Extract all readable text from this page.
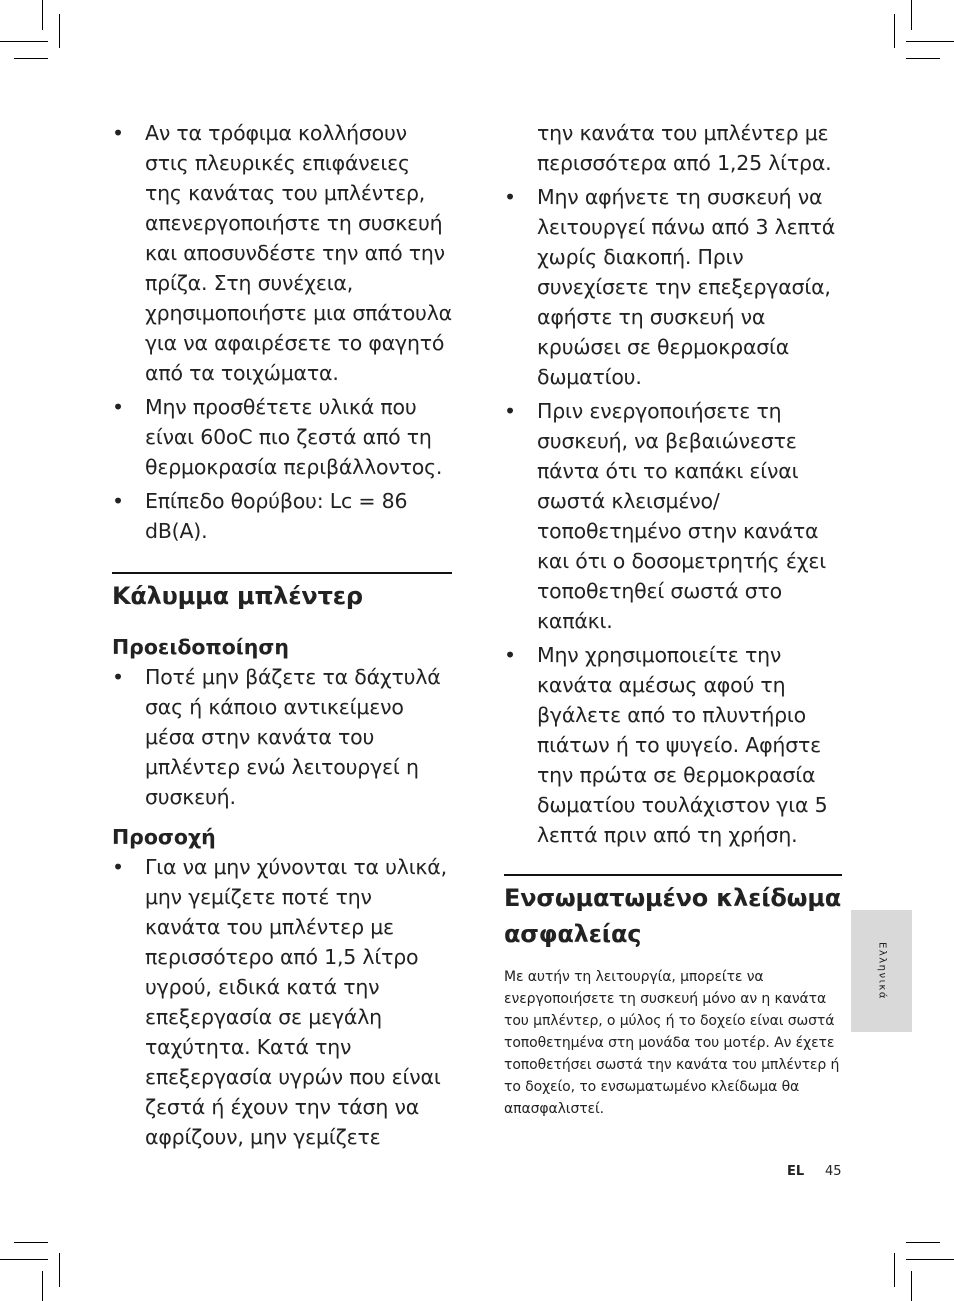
• Αν τα τρόφιμα κολλήσουν στις πλευρικές επιφάνειες της κανάτας του μπλέντερ, απενεργοποιήστε τη συσκευή και αποσυνδέστε την από την πρίζα. Στη συνέχεια, χρησιμοποιήστε μια σπάτουλα για να αφαιρέσετε το φαγητό από τα τοιχώματα.
• Μην προσθέτετε υλικά που είναι 60oC πιο ζεστά από τη θερμοκρασία περιβάλλοντος.
• Επίπεδο θορύβου: Lc = 86 dB(A).
Κάλυμμα μπλέντερ
Προειδοποίηση
• Ποτέ μην βάζετε τα δάχτυλά σας ή κάποιο αντικείμενο μέσα στην κανάτα του μπλέντερ ενώ λειτουργεί η συσκευή.
Προσοχή
• Για να μην χύνονται τα υλικά, μην γεμίζετε ποτέ την κανάτα του μπλέντερ με περισσότερο από 1,5 λίτρο υγρού, ειδικά κατά την επεξεργασία σε μεγάλη ταχύτητα. Κατά την επεξεργασία υγρών που είναι ζεστά ή έχουν την τάση να αφρίζουν, μην γεμίζετε
την κανάτα του μπλέντερ με περισσότερα από 1,25 λίτρα.
• Μην αφήνετε τη συσκευή να λειτουργεί πάνω από 3 λεπτά χωρίς διακοπή. Πριν συνεχίσετε την επεξεργασία, αφήστε τη συσκευή να κρυώσει σε θερμοκρασία δωματίου.
• Πριν ενεργοποιήσετε τη συσκευή, να βεβαιώνεστε πάντα ότι το καπάκι είναι σωστά κλεισμένο/ τοποθετημένο στην κανάτα και ότι ο δοσομετρητής έχει τοποθετηθεί σωστά στο καπάκι.
• Μην χρησιμοποιείτε την κανάτα αμέσως αφού τη βγάλετε από το πλυντήριο πιάτων ή το ψυγείο. Αφήστε την πρώτα σε θερμοκρασία δωματίου τουλάχιστον για 5 λεπτά πριν από τη χρήση.
Ενσωματωμένο κλείδωμα ασφαλείας

Με αυτήν τη λειτουργία, μπορείτε να ενεργοποιήσετε τη συσκευή μόνο αν η κανάτα του μπλέντερ, ο μύλος ή το δοχείο είναι σωστά τοποθετημένα στη μονάδα του μοτέρ. Αν έχετε τοποθετήσει σωστά την κανάτα του μπλέντερ ή το δοχείο, το ενσωματωμένο κλείδωμα θα απασφαλιστεί.

Ελληνικά
EL 45
